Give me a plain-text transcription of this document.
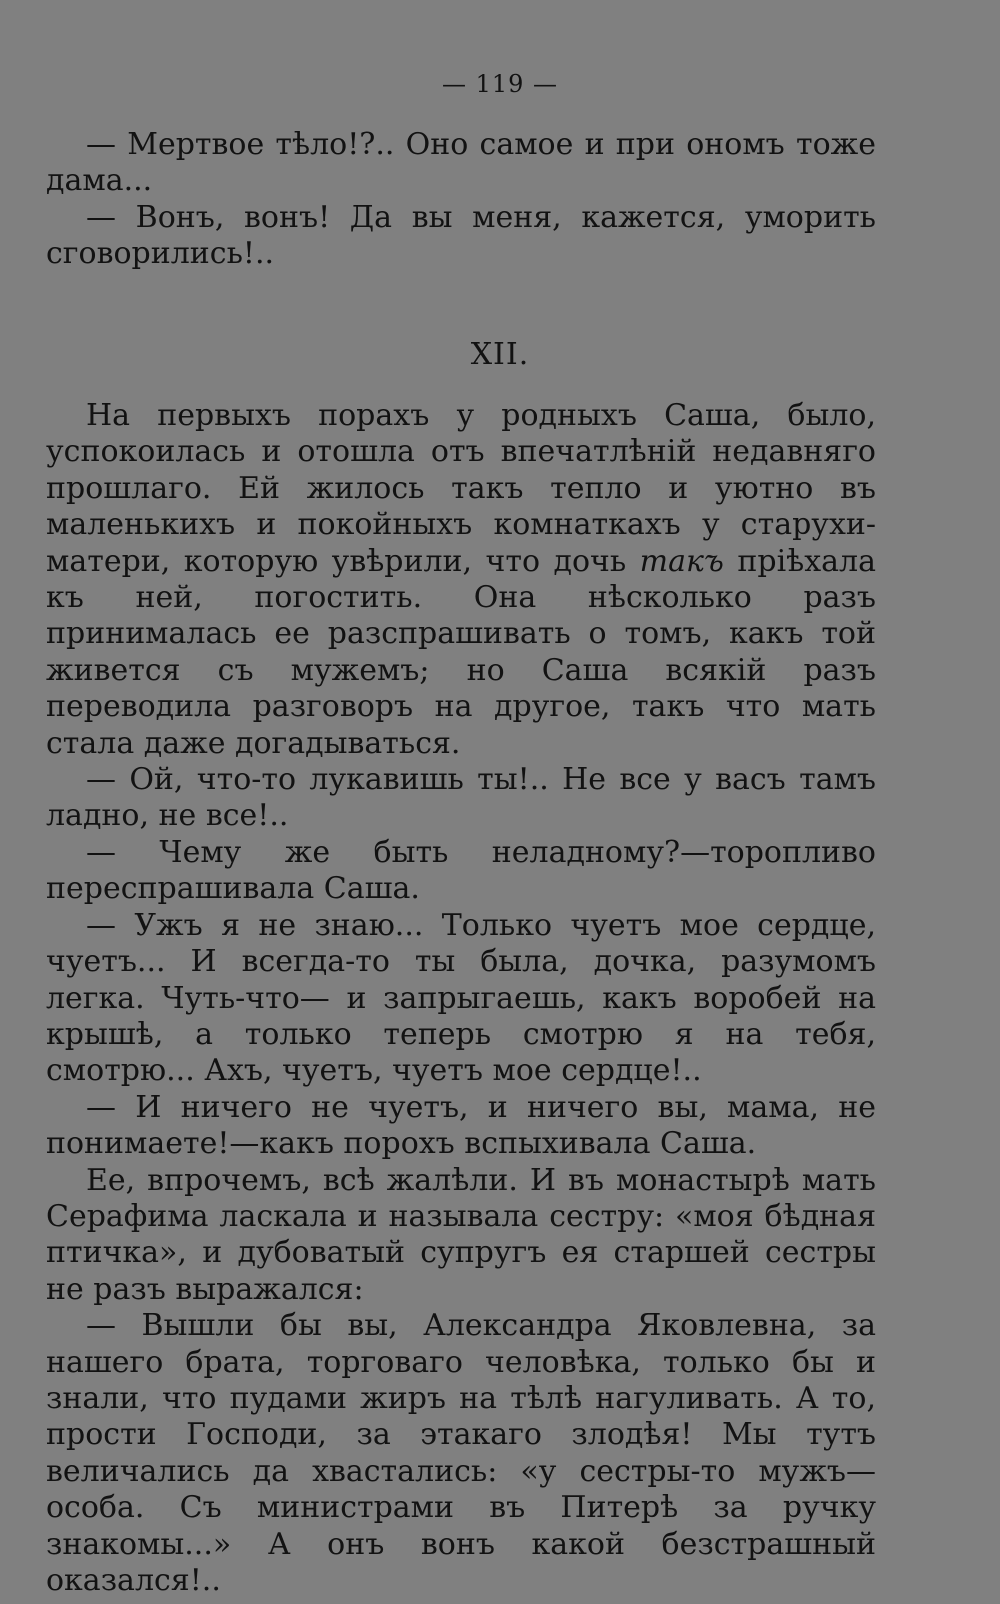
— 119 —

— Мертвое тѣло!?.. Оно самое и при ономъ тоже дама...

— Вонъ, вонъ! Да вы меня, кажется, уморить сговорились!..

XII.

На первыхъ порахъ у родныхъ Саша, было, успокоилась и отошла отъ впечатлѣній недавняго прошлаго. Ей жилось такъ тепло и уютно въ маленькихъ и покойныхъ комнаткахъ у старухи-матери, которую увѣрили, что дочь такъ пріѣхала къ ней, погостить. Она нѣсколько разъ принималась ее разспрашивать о томъ, какъ той живется съ мужемъ; но Саша всякій разъ переводила разговоръ на другое, такъ что мать стала даже догадываться.

— Ой, что-то лукавишь ты!.. Не все у васъ тамъ ладно, не все!..

— Чему же быть неладному?—торопливо переспрашивала Саша.

— Ужъ я не знаю... Только чуетъ мое сердце, чуетъ... И всегда-то ты была, дочка, разумомъ легка. Чуть-что— и запрыгаешь, какъ воробей на крышѣ, а только теперь смотрю я на тебя, смотрю... Ахъ, чуетъ, чуетъ мое сердце!..

— И ничего не чуетъ, и ничего вы, мама, не понимаете!—какъ порохъ вспыхивала Саша.

Ее, впрочемъ, всѣ жалѣли. И въ монастырѣ мать Серафима ласкала и называла сестру: «моя бѣдная птичка», и дубоватый супругъ ея старшей сестры не разъ выражался:

— Вышли бы вы, Александра Яковлевна, за нашего брата, торговаго человѣка, только бы и знали, что пудами жиръ на тѣлѣ нагуливать. А то, прости Господи, за этакаго злодѣя! Мы тутъ величались да хвастались: «у сестры-то мужъ—особа. Съ министрами въ Питерѣ за ручку знакомы...» А онъ вонъ какой безстрашный оказался!..
